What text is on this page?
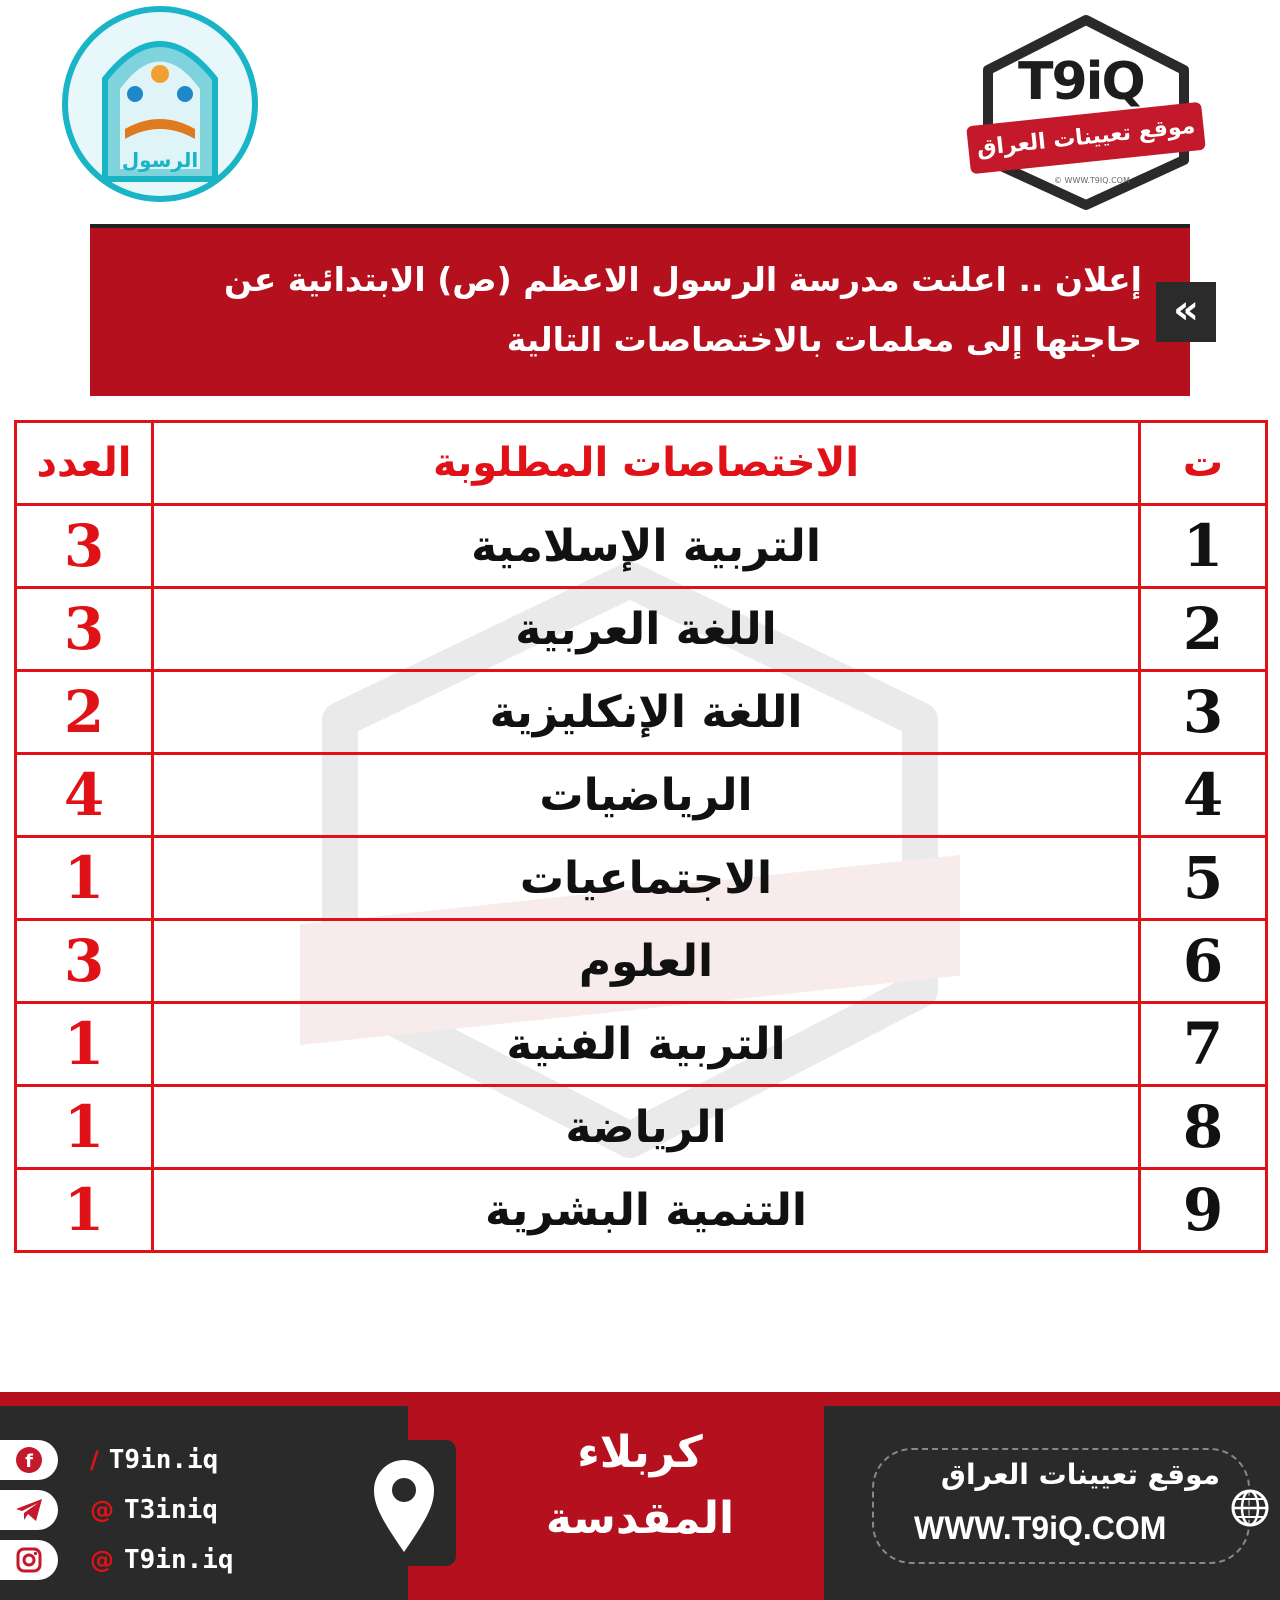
الرسول
T9iQ
موقع تعيينات العراق
© WWW.T9IQ.COM
إعلان .. اعلنت مدرسة الرسول الاعظم (ص) الابتدائية عن حاجتها إلى معلمات بالاختصاصات التالية
«
ت	الاختصاصات المطلوبة	العدد
1	التربية الإسلامية	3
2	اللغة العربية	3
3	اللغة الإنكليزية	2
4	الرياضيات	4
5	الاجتماعيات	1
6	العلوم	3
7	التربية الفنية	1
8	الرياضة	1
9	التنمية البشرية	1
f / T9in.iq
@ T3iniq
@ T9in.iq
كربلاء
المقدسة
موقع تعيينات العراق
WWW.T9iQ.COM
